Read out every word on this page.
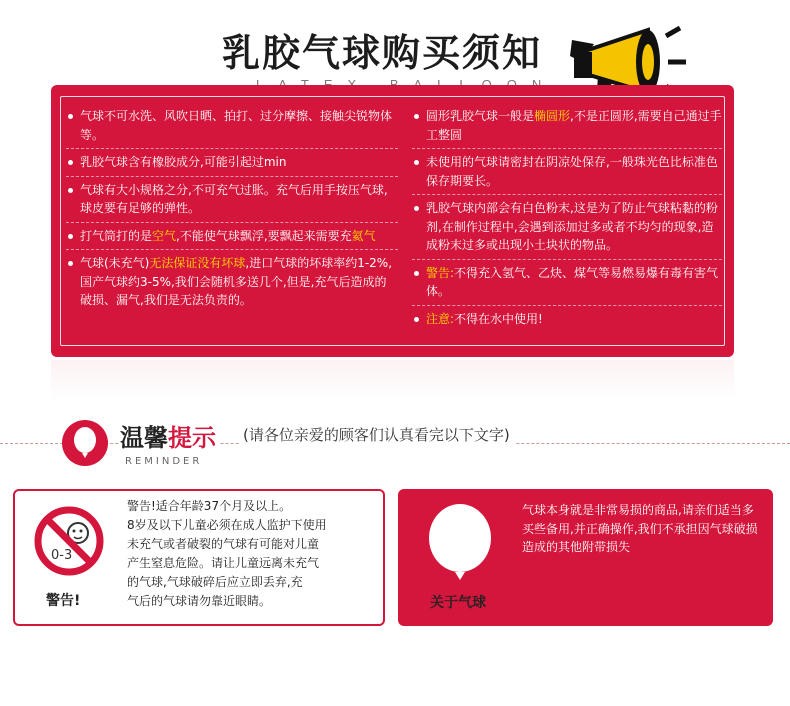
乳胶气球购买须知
气球不可水洗、风吹日晒、拍打、过分摩擦、接触尖锐物体等。
乳胶气球含有橡胶成分,可能引起过min
气球有大小规格之分,不可充气过胀。充气后用手按压气球,球皮要有足够的弹性。
打气筒打的是空气,不能使气球飘浮,要飘起来需要充氦气
气球(未充气)无法保证没有坏球,进口气球的坏球率约1-2%,国产气球约3-5%,我们会随机多送几个,但是,充气后造成的破损、漏气,我们是无法负责的。
圆形乳胶气球一般是椭圆形,不是正圆形,需要自己通过手工整圆
未使用的气球请密封在阴凉处保存,一般珠光色比标准色保存期要长。
乳胶气球内部会有白色粉末,这是为了防止气球粘黏的粉剂,在制作过程中,会遇到添加过多或者不均匀的现象,造成粉末过多或出现小土块状的物品。
警告:不得充入氢气、乙炔、煤气等易燃易爆有毒有害气体。
注意:不得在水中使用!
温馨提示
REMINDER
(请各位亲爱的顾客们认真看完以下文字)
0-3
警告!

警告!适合年龄37个月及以上。

8岁及以下儿童必须在成人监护下使用

未充气或者破裂的气球有可能对儿童

产生窒息危险。请让儿童远离未充气

的气球,气球破碎后应立即丢弃,充

气后的气球请勿靠近眼睛。	关于气球
气球本身就是非常易损的商品,请亲们适当多买些备用,并正确操作,我们不承担因气球破损造成的其他附带损失
